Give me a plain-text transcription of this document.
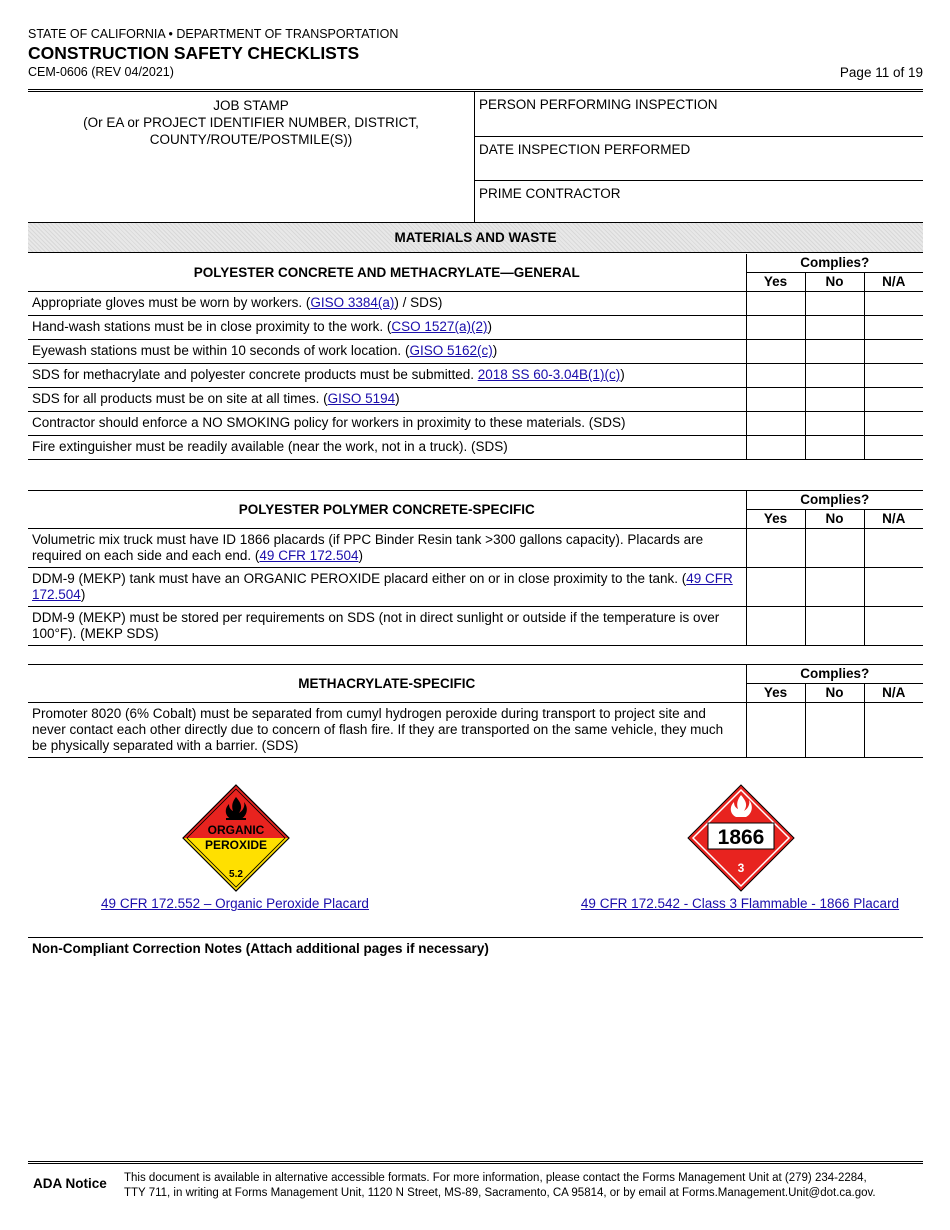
STATE OF CALIFORNIA • DEPARTMENT OF TRANSPORTATION
CONSTRUCTION SAFETY CHECKLISTS
CEM-0606 (REV 04/2021)	Page 11 of 19
JOB STAMP
(Or EA or PROJECT IDENTIFIER NUMBER, DISTRICT,
COUNTY/ROUTE/POSTMILE(S))
PERSON PERFORMING INSPECTION
DATE INSPECTION PERFORMED
PRIME CONTRACTOR
MATERIALS AND WASTE
POLYESTER CONCRETE AND METHACRYLATE—GENERAL	Complies?		
	Yes	No	N/A
Appropriate gloves must be worn by workers. (GISO 3384(a)) / SDS)			
Hand-wash stations must be in close proximity to the work. (CSO 1527(a)(2))			
Eyewash stations must be within 10 seconds of work location. (GISO 5162(c))			
SDS for methacrylate and polyester concrete products must be submitted. 2018 SS 60-3.04B(1)(c))			
SDS for all products must be on site at all times. (GISO 5194)			
Contractor should enforce a NO SMOKING policy for workers in proximity to these materials. (SDS)			
Fire extinguisher must be readily available (near the work, not in a truck). (SDS)			
POLYESTER POLYMER CONCRETE-SPECIFIC	Complies?		
	Yes	No	N/A
Volumetric mix truck must have ID 1866 placards (if PPC Binder Resin tank >300 gallons capacity). Placards are required on each side and each end. (49 CFR 172.504)			
DDM-9 (MEKP) tank must have an ORGANIC PEROXIDE placard either on or in close proximity to the tank. (49 CFR 172.504)			
DDM-9 (MEKP) must be stored per requirements on SDS (not in direct sunlight or outside if the temperature is over 100°F). (MEKP SDS)			
METHACRYLATE-SPECIFIC	Complies?		
	Yes	No	N/A
Promoter 8020 (6% Cobalt) must be separated from cumyl hydrogen peroxide during transport to project site and never contact each other directly due to concern of flash fire. If they are transported on the same vehicle, they much be physically separated with a barrier. (SDS)			
ORGANIC
PEROXIDE
5.2
49 CFR 172.552 – Organic Peroxide Placard
1866
3
49 CFR 172.542 - Class 3 Flammable - 1866 Placard
Non-Compliant Correction Notes (Attach additional pages if necessary)
ADA Notice This document is available in alternative accessible formats. For more information, please contact the Forms Management Unit at (279) 234-2284,
TTY 711, in writing at Forms Management Unit, 1120 N Street, MS-89, Sacramento, CA 95814, or by email at Forms.Management.Unit@dot.ca.gov.
